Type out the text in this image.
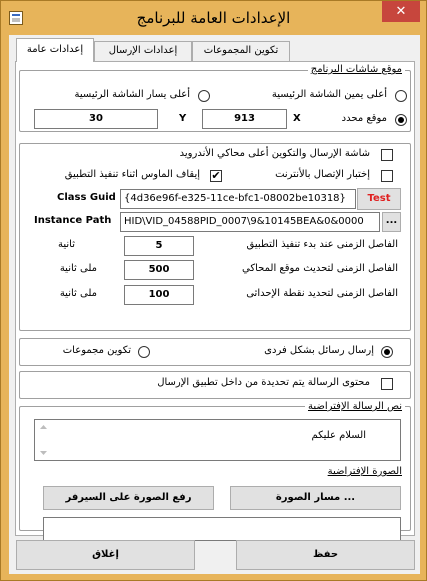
الإعدادات العامة للبرنامج	✕
إعدادات عامة	إعدادات الإرسال	تكوين المجموعات
موقع شاشات البرنامج
أعلى يمين الشاشة الرئيسية
أعلى يسار الشاشة الرئيسية
موقع محدد
X
913
Y
30
شاشة الإرسال والتكوين أعلى محاكي الأندرويد
إختبار الإتصال بالأنترنت
✔
إيقاف الماوس اثناء تنفيذ التطبيق
Class Guid {4d36e96f-e325-11ce-bfc1-08002be10318}	Test
Instance Path	HID\VID_04588PID_0007\9&10145BEA&0&0000	...
الفاصل الزمنى عند بدء تنفيذ التطبيق
5
ثانية
الفاصل الزمنى لتحديث موقع المحاكي
500
ملى ثانية
الفاصل الزمنى لتحديد نقطة الإحداثى
100
ملى ثانية
إرسال رسائل بشكل فردى
تكوين مجموعات
محتوى الرسالة يتم تحديدة من داخل تطبيق الإرسال
نص الرسالة الإفتراضية
السلام عليكم
الصورة الإفتراضية
مسار الصورة ...
رفع الصورة على السيرفر
حفظ
إغلاق
